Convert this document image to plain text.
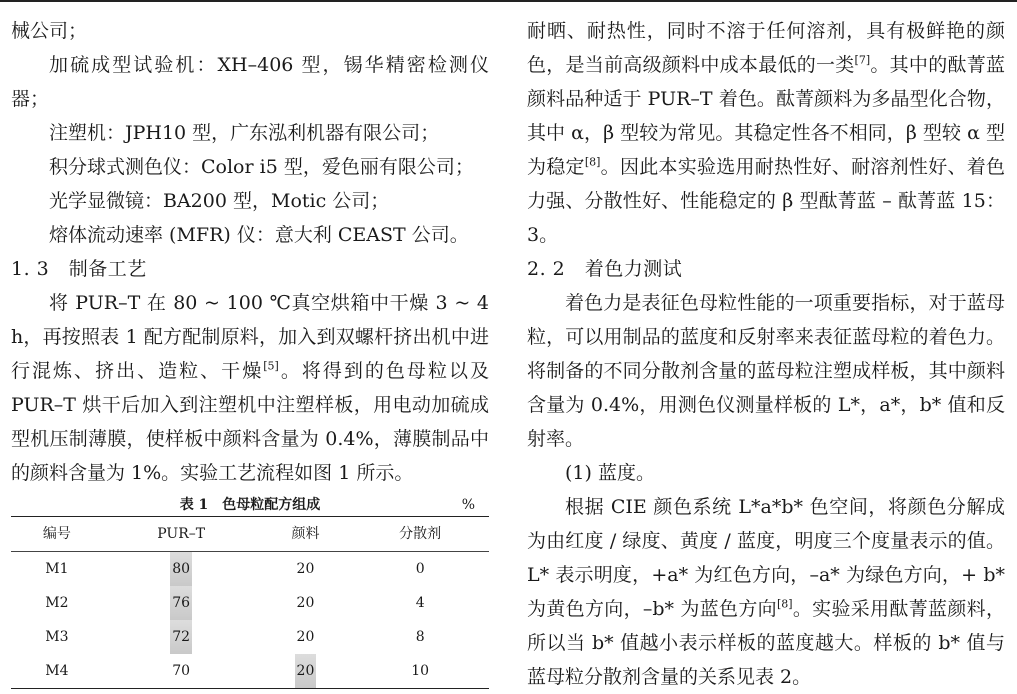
械公司；

加硫成型试验机：XH–406 型，锡华精密检测仪器；

注塑机：JPH10 型，广东泓利机器有限公司；

积分球式测色仪：Color i5 型，爱色丽有限公司；

光学显微镜：BA200 型，Motic 公司；

熔体流动速率 (MFR) 仪：意大利 CEAST 公司。

1. 3　制备工艺

将 PUR–T 在 80 ~ 100 ℃真空烘箱中干燥 3 ~ 4 h，再按照表 1 配方配制原料，加入到双螺杆挤出机中进行混炼、挤出、造粒、干燥[5]。将得到的色母粒以及 PUR–T 烘干后加入到注塑机中注塑样板，用电动加硫成型机压制薄膜，使样板中颜料含量为 0.4%，薄膜制品中的颜料含量为 1%。实验工艺流程如图 1 所示。

表 1　色母粒配方组成	%
编号	PUR–T	颜料	分散剂
M1	80	20	0
M2	76	20	4
M3	72	20	8
M4	70	20	10

耐晒、耐热性，同时不溶于任何溶剂，具有极鲜艳的颜色，是当前高级颜料中成本最低的一类[7]。其中的酞菁蓝颜料品种适于 PUR–T 着色。酞菁颜料为多晶型化合物，其中 α，β 型较为常见。其稳定性各不相同，β 型较 α 型为稳定[8]。因此本实验选用耐热性好、耐溶剂性好、着色力强、分散性好、性能稳定的 β 型酞菁蓝 – 酞菁蓝 15：3。

2. 2　着色力测试

着色力是表征色母粒性能的一项重要指标，对于蓝母粒，可以用制品的蓝度和反射率来表征蓝母粒的着色力。将制备的不同分散剂含量的蓝母粒注塑成样板，其中颜料含量为 0.4%，用测色仪测量样板的 L*，a*，b* 值和反射率。

(1) 蓝度。

根据 CIE 颜色系统 L*a*b* 色空间，将颜色分解成为由红度 / 绿度、黄度 / 蓝度，明度三个度量表示的值。L* 表示明度，+a* 为红色方向，–a* 为绿色方向，+ b* 为黄色方向，–b* 为蓝色方向[8]。实验采用酞菁蓝颜料，所以当 b* 值越小表示样板的蓝度越大。样板的 b* 值与蓝母粒分散剂含量的关系见表 2。
